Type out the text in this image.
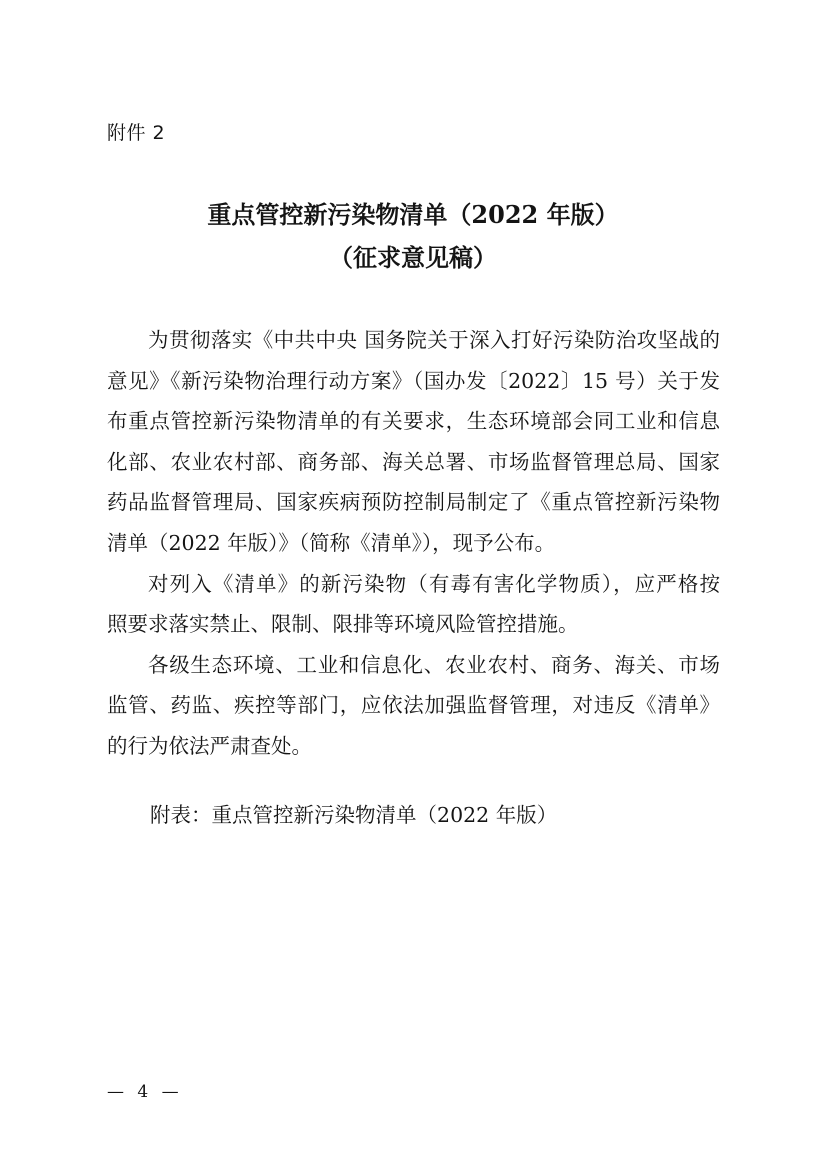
附件 2
重点管控新污染物清单（2022 年版）
（征求意见稿）
为贯彻落实《中共中央 国务院关于深入打好污染防治攻坚战的
意见》《新污染物治理行动方案》（国办发〔2022〕15 号）关于发
布重点管控新污染物清单的有关要求，生态环境部会同工业和信息
化部、农业农村部、商务部、海关总署、市场监督管理总局、国家
药品监督管理局、国家疾病预防控制局制定了《重点管控新污染物
清单（2022 年版）》（简称《清单》），现予公布。
对列入《清单》的新污染物（有毒有害化学物质），应严格按
照要求落实禁止、限制、限排等环境风险管控措施。
各级生态环境、工业和信息化、农业农村、商务、海关、市场
监管、药监、疾控等部门，应依法加强监督管理，对违反《清单》
的行为依法严肃查处。
附表：重点管控新污染物清单（2022 年版）
— 4 —
